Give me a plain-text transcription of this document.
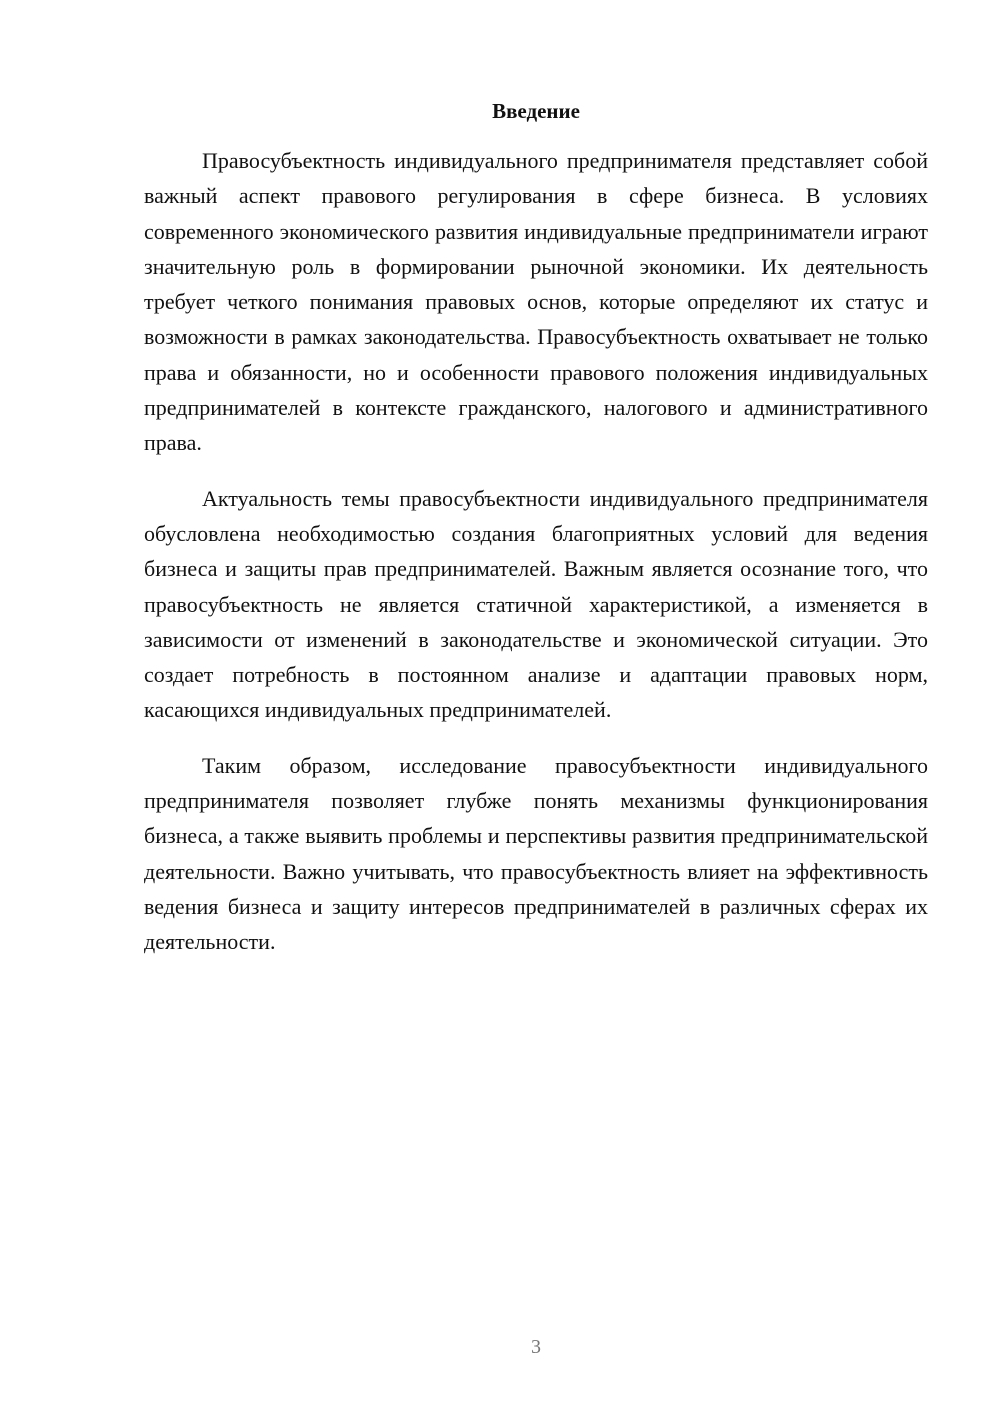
Введение

Правосубъектность индивидуального предпринимателя представляет собой важный аспект правового регулирования в сфере бизнеса. В условиях современного экономического развития индивидуальные предприниматели играют значительную роль в формировании рыночной экономики. Их деятельность требует четкого понимания правовых основ, которые определяют их статус и возможности в рамках законодательства. Правосубъектность охватывает не только права и обязанности, но и особенности правового положения индивидуальных предпринимателей в контексте гражданского, налогового и административного права.

Актуальность темы правосубъектности индивидуального предпринимателя обусловлена необходимостью создания благоприятных условий для ведения бизнеса и защиты прав предпринимателей. Важным является осознание того, что правосубъектность не является статичной характеристикой, а изменяется в зависимости от изменений в законодательстве и экономической ситуации. Это создает потребность в постоянном анализе и адаптации правовых норм, касающихся индивидуальных предпринимателей.

Таким образом, исследование правосубъектности индивидуального предпринимателя позволяет глубже понять механизмы функционирования бизнеса, а также выявить проблемы и перспективы развития предпринимательской деятельности. Важно учитывать, что правосубъектность влияет на эффективность ведения бизнеса и защиту интересов предпринимателей в различных сферах их деятельности.

3
